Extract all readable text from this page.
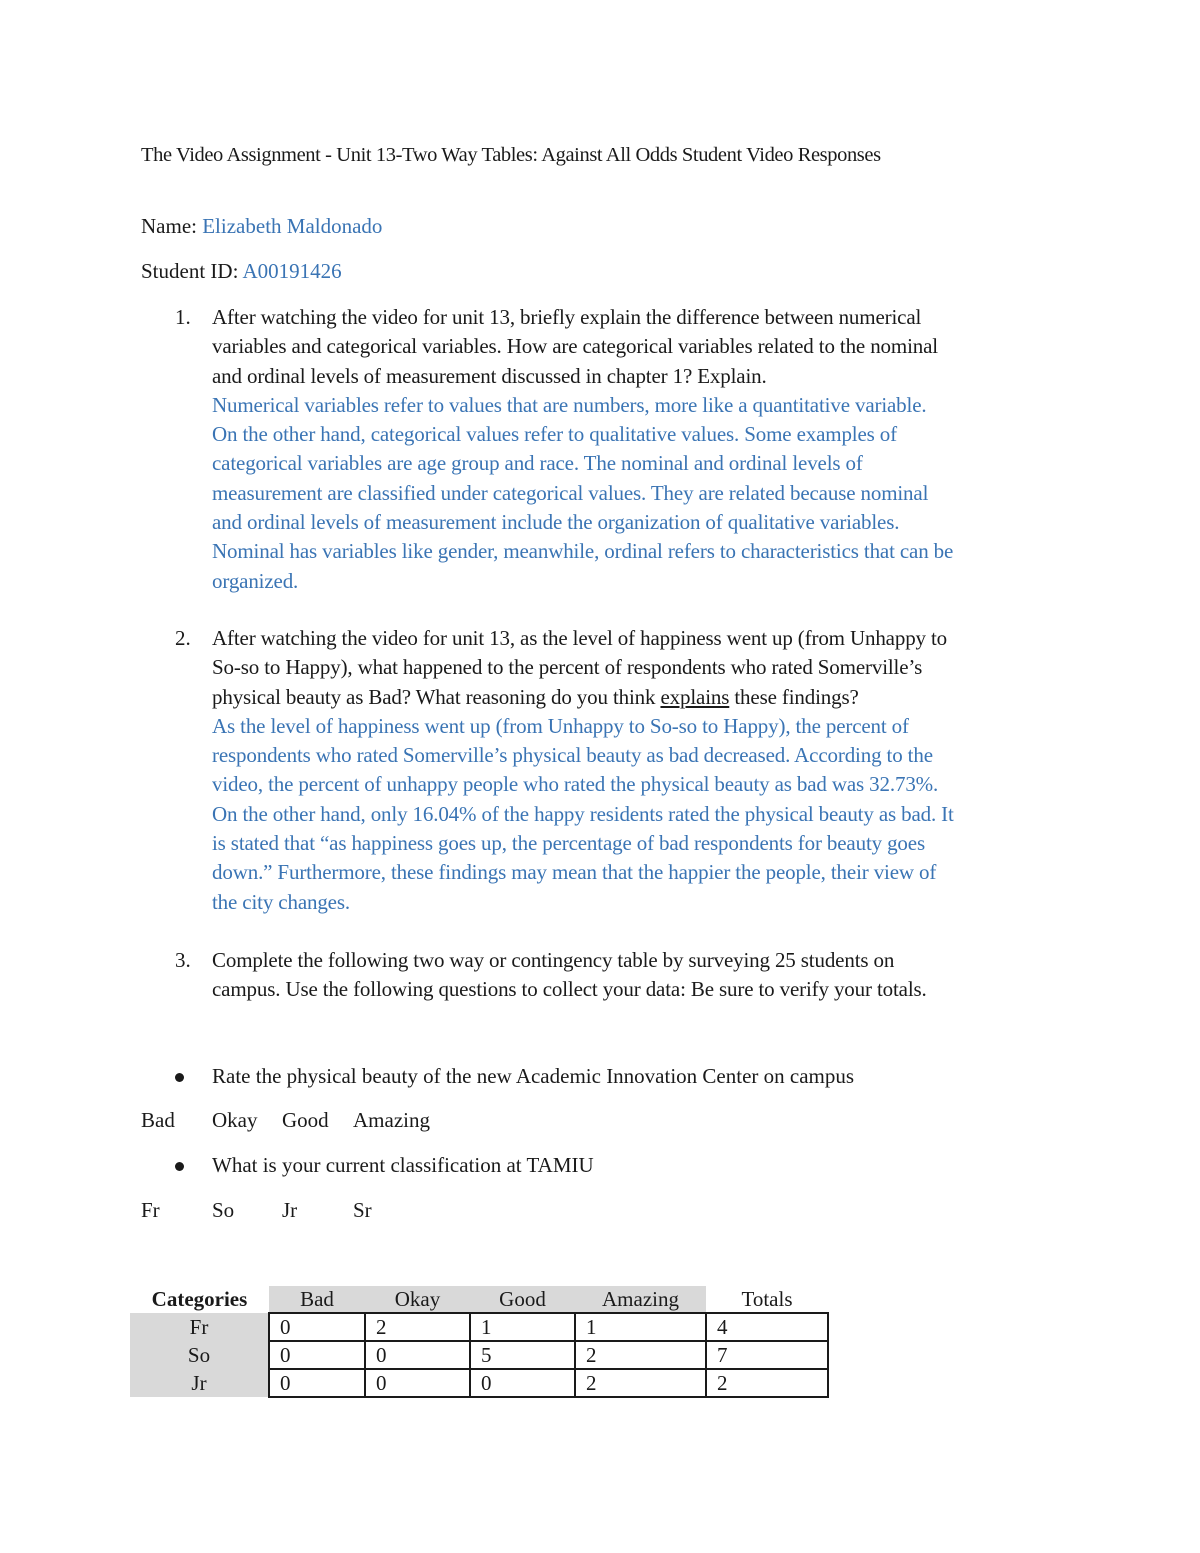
The Video Assignment - Unit 13-Two Way Tables: Against All Odds Student Video Responses
Name: Elizabeth Maldonado
Student ID: A00191426
1. After watching the video for unit 13, briefly explain the difference between numerical
variables and categorical variables. How are categorical variables related to the nominal
and ordinal levels of measurement discussed in chapter 1? Explain.
Numerical variables refer to values that are numbers, more like a quantitative variable.
On the other hand, categorical values refer to qualitative values. Some examples of
categorical variables are age group and race. The nominal and ordinal levels of
measurement are classified under categorical values. They are related because nominal
and ordinal levels of measurement include the organization of qualitative variables.
Nominal has variables like gender, meanwhile, ordinal refers to characteristics that can be
organized.
2. After watching the video for unit 13, as the level of happiness went up (from Unhappy to
So-so to Happy), what happened to the percent of respondents who rated Somerville’s
physical beauty as Bad? What reasoning do you think explains these findings?
As the level of happiness went up (from Unhappy to So-so to Happy), the percent of
respondents who rated Somerville’s physical beauty as bad decreased. According to the
video, the percent of unhappy people who rated the physical beauty as bad was 32.73%.
On the other hand, only 16.04% of the happy residents rated the physical beauty as bad. It
is stated that “as happiness goes up, the percentage of bad respondents for beauty goes
down.” Furthermore, these findings may mean that the happier the people, their view of
the city changes.
3. Complete the following two way or contingency table by surveying 25 students on
campus. Use the following questions to collect your data: Be sure to verify your totals.
Rate the physical beauty of the new Academic Innovation Center on campus
Bad Okay Good Amazing
What is your current classification at TAMIU
Fr So Jr	Sr
Categories	Bad	Okay	Good	Amazing	Totals
Fr	0	2	1	1	4
So	0	0	5	2	7
Jr	0	0	0	2	2
